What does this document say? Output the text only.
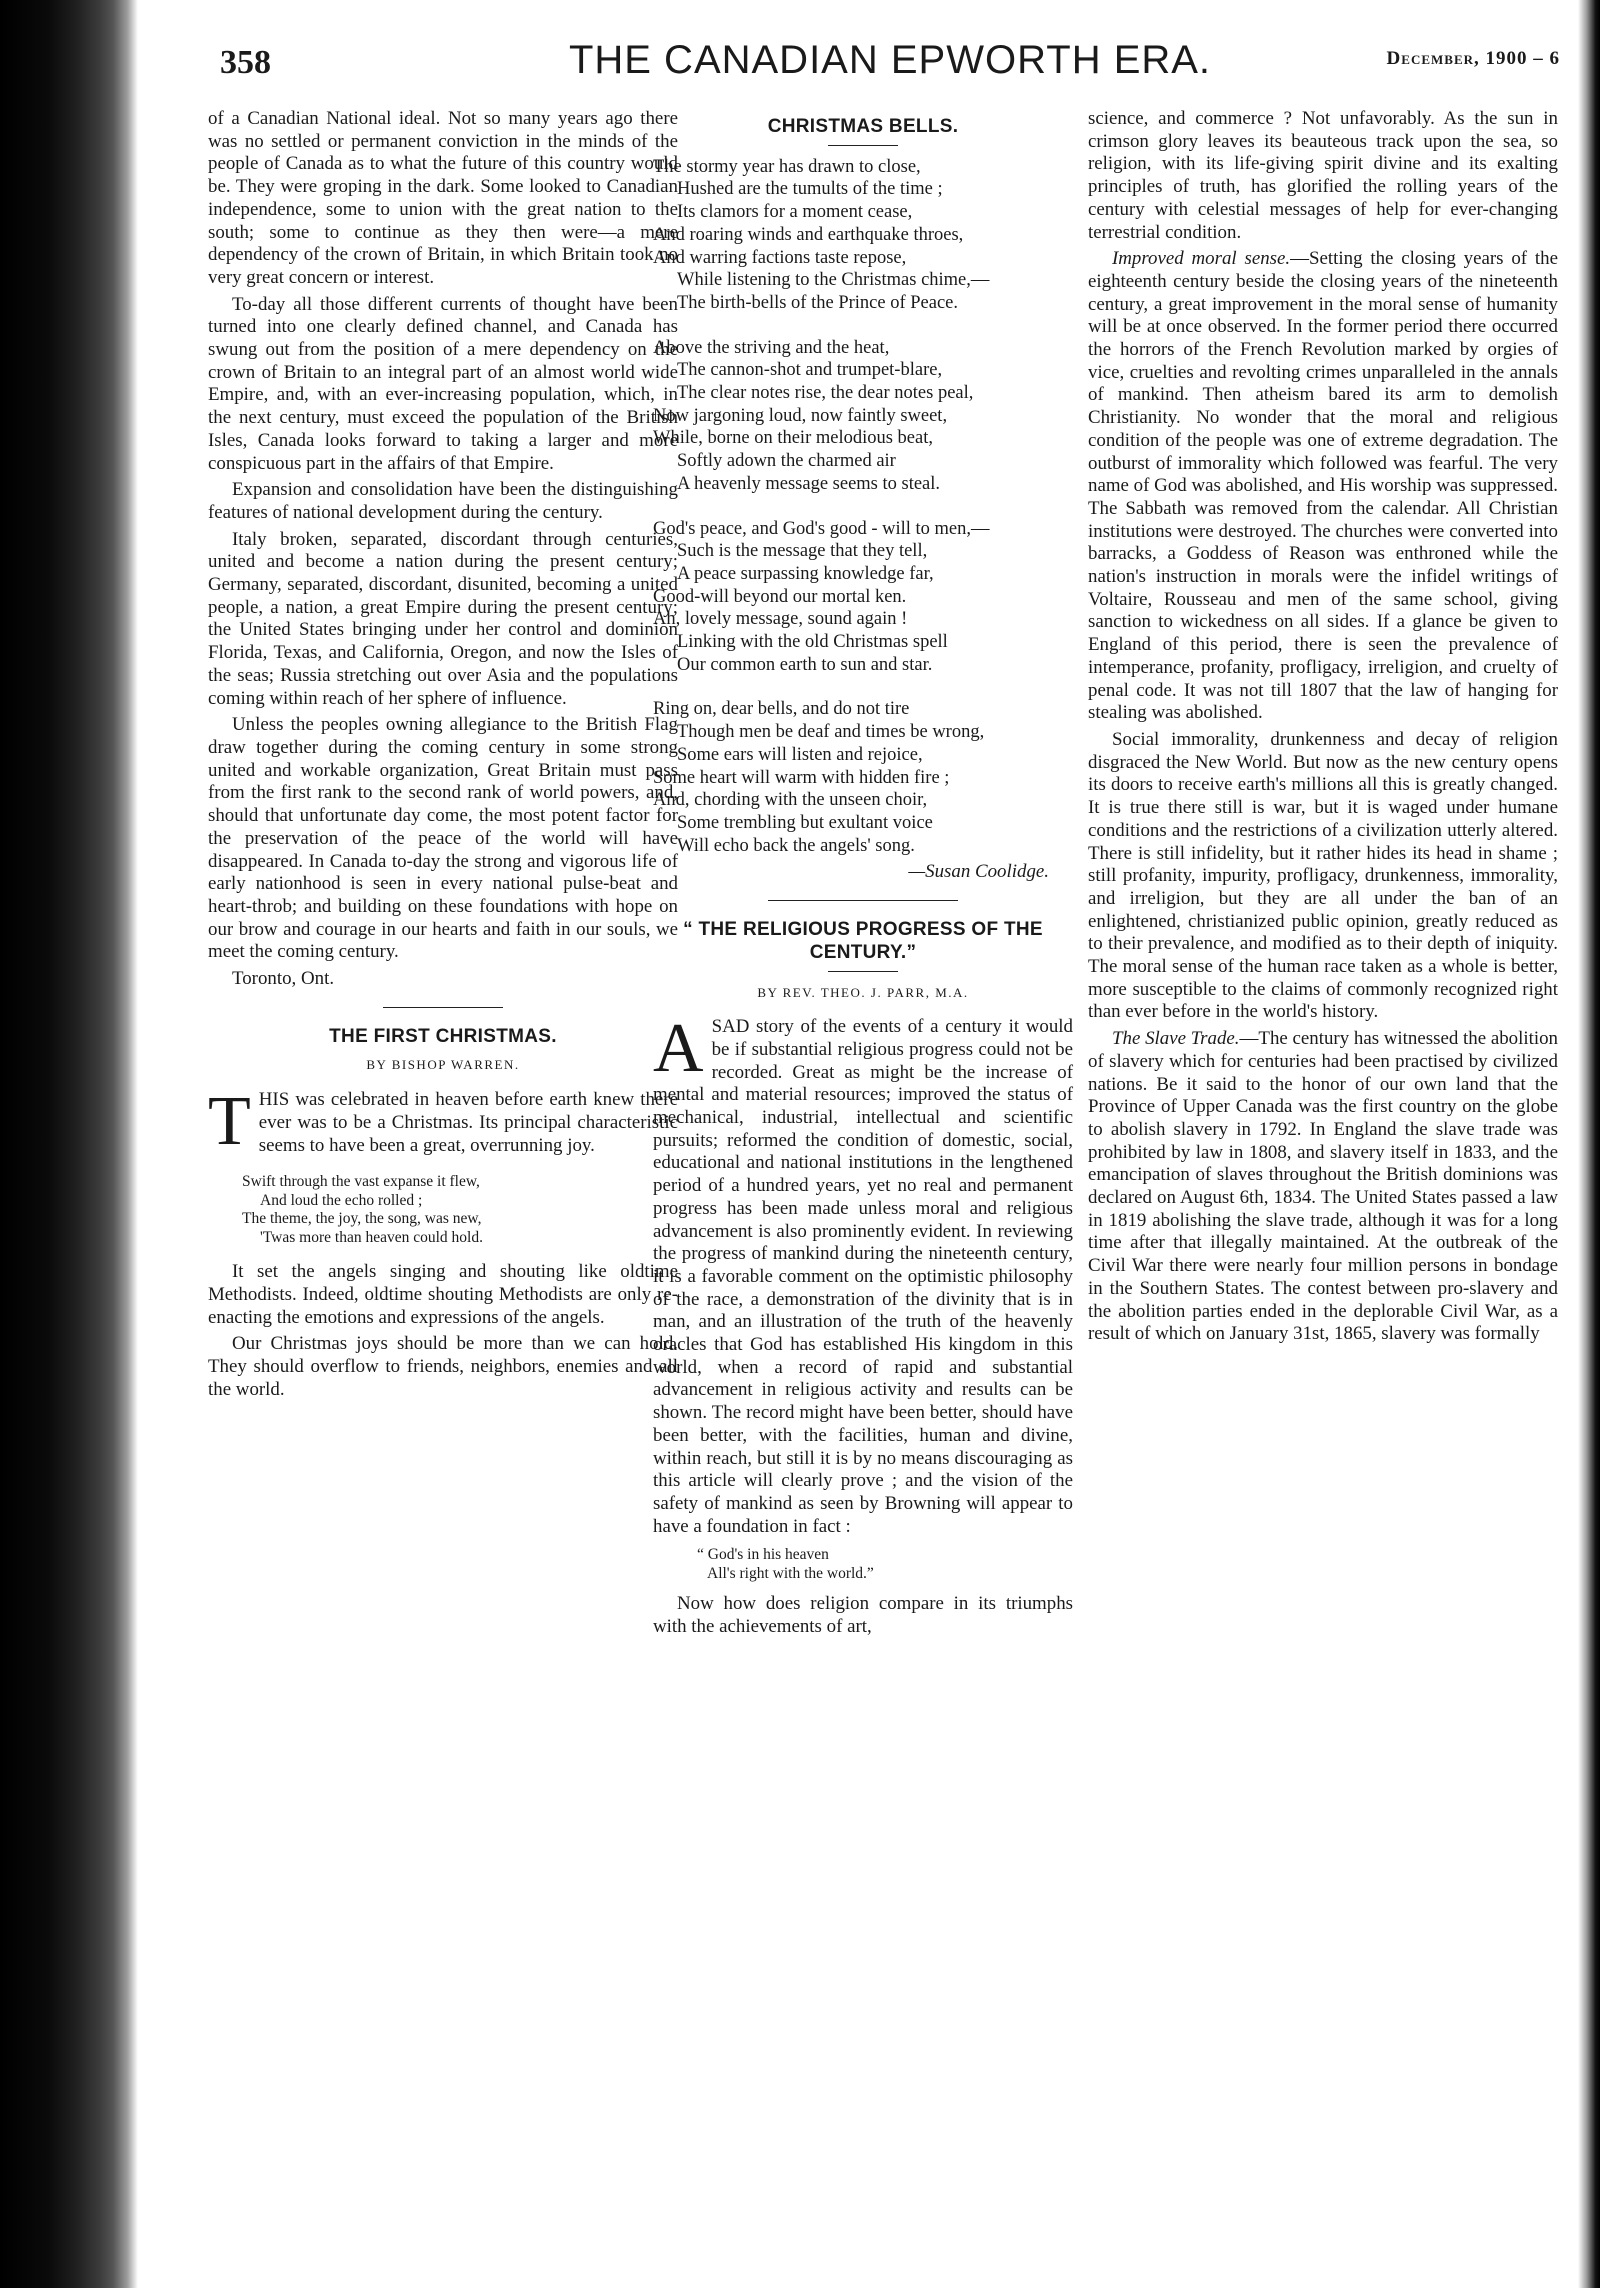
358	THE CANADIAN EPWORTH ERA.	December, 1900 – 6

of a Canadian National ideal. Not so many years ago there was no settled or permanent conviction in the minds of the people of Canada as to what the future of this country would be. They were groping in the dark. Some looked to Canadian independence, some to union with the great nation to the south; some to continue as they then were—a mere dependency of the crown of Britain, in which Britain took no very great concern or interest.

To-day all those different currents of thought have been turned into one clearly defined channel, and Canada has swung out from the position of a mere dependency on the crown of Britain to an integral part of an almost world wide Empire, and, with an ever-increasing population, which, in the next century, must exceed the population of the British Isles, Canada looks forward to taking a larger and more conspicuous part in the affairs of that Empire.

Expansion and consolidation have been the distinguishing features of national development during the century.

Italy broken, separated, discordant through centuries, united and become a nation during the present century; Germany, separated, discordant, disunited, becoming a united people, a nation, a great Empire during the present century; the United States bringing under her control and dominion Florida, Texas, and California, Oregon, and now the Isles of the seas; Russia stretching out over Asia and the populations coming within reach of her sphere of influence.

Unless the peoples owning allegiance to the British Flag draw together during the coming century in some strong united and workable organization, Great Britain must pass from the first rank to the second rank of world powers, and, should that unfortunate day come, the most potent factor for the preservation of the peace of the world will have disappeared. In Canada to-day the strong and vigorous life of early nationhood is seen in every national pulse-beat and heart-throb; and building on these foundations with hope on our brow and courage in our hearts and faith in our souls, we meet the coming century.

Toronto, Ont.

THE FIRST CHRISTMAS.
BY BISHOP WARREN.

THIS was celebrated in heaven before earth knew there ever was to be a Christmas. Its principal characteristic seems to have been a great, overrunning joy.

Swift through the vast expanse it flew,
And loud the echo rolled ;
The theme, the joy, the song, was new,
'Twas more than heaven could hold.

It set the angels singing and shouting like oldtime Methodists. Indeed, oldtime shouting Methodists are only re-enacting the emotions and expressions of the angels.

Our Christmas joys should be more than we can hold. They should overflow to friends, neighbors, enemies and all the world.

CHRISTMAS BELLS.
The stormy year has drawn to close,
Hushed are the tumults of the time ;
Its clamors for a moment cease,
And roaring winds and earthquake throes,
And warring factions taste repose,
While listening to the Christmas chime,—
The birth-bells of the Prince of Peace.
Above the striving and the heat,
The cannon-shot and trumpet-blare,
The clear notes rise, the dear notes peal,
Now jargoning loud, now faintly sweet,
While, borne on their melodious beat,
Softly adown the charmed air
A heavenly message seems to steal.
God's peace, and God's good - will to men,—
Such is the message that they tell,
A peace surpassing knowledge far,
Good-will beyond our mortal ken.
Ah, lovely message, sound again !
Linking with the old Christmas spell
Our common earth to sun and star.
Ring on, dear bells, and do not tire
Though men be deaf and times be wrong,
Some ears will listen and rejoice,
Some heart will warm with hidden fire ;
And, chording with the unseen choir,
Some trembling but exultant voice
Will echo back the angels' song.
—Susan Coolidge.
“ THE RELIGIOUS PROGRESS OF THE CENTURY.”
BY REV. THEO. J. PARR, M.A.

ASAD story of the events of a century it would be if substantial religious progress could not be recorded. Great as might be the increase of mental and material resources; improved the status of mechanical, industrial, intellectual and scientific pursuits; reformed the condition of domestic, social, educational and national institutions in the lengthened period of a hundred years, yet no real and permanent progress has been made unless moral and religious advancement is also prominently evident. In reviewing the progress of mankind during the nineteenth century, it is a favorable comment on the optimistic philosophy of the race, a demonstration of the divinity that is in man, and an illustration of the truth of the heavenly oracles that God has established His kingdom in this world, when a record of rapid and substantial advancement in religious activity and results can be shown. The record might have been better, should have been better, with the facilities, human and divine, within reach, but still it is by no means discouraging as this article will clearly prove ; and the vision of the safety of mankind as seen by Browning will appear to have a foundation in fact :

“ God's in his heaven
All's right with the world.”

Now how does religion compare in its triumphs with the achievements of art,

science, and commerce ? Not unfavorably. As the sun in crimson glory leaves its beauteous track upon the sea, so religion, with its life-giving spirit divine and its exalting principles of truth, has glorified the rolling years of the century with celestial messages of help for ever-changing terrestrial condition.

Improved moral sense.—Setting the closing years of the eighteenth century beside the closing years of the nineteenth century, a great improvement in the moral sense of humanity will be at once observed. In the former period there occurred the horrors of the French Revolution marked by orgies of vice, cruelties and revolting crimes unparalleled in the annals of mankind. Then atheism bared its arm to demolish Christianity. No wonder that the moral and religious condition of the people was one of extreme degradation. The outburst of immorality which followed was fearful. The very name of God was abolished, and His worship was suppressed. The Sabbath was removed from the calendar. All Christian institutions were destroyed. The churches were converted into barracks, a Goddess of Reason was enthroned while the nation's instruction in morals were the infidel writings of Voltaire, Rousseau and men of the same school, giving sanction to wickedness on all sides. If a glance be given to England of this period, there is seen the prevalence of intemperance, profanity, profligacy, irreligion, and cruelty of penal code. It was not till 1807 that the law of hanging for stealing was abolished.

Social immorality, drunkenness and decay of religion disgraced the New World. But now as the new century opens its doors to receive earth's millions all this is greatly changed. It is true there still is war, but it is waged under humane conditions and the restrictions of a civilization utterly altered. There is still infidelity, but it rather hides its head in shame ; still profanity, impurity, profligacy, drunkenness, immorality, and irreligion, but they are all under the ban of an enlightened, christianized public opinion, greatly reduced as to their prevalence, and modified as to their depth of iniquity. The moral sense of the human race taken as a whole is better, more susceptible to the claims of commonly recognized right than ever before in the world's history.

The Slave Trade.—The century has witnessed the abolition of slavery which for centuries had been practised by civilized nations. Be it said to the honor of our own land that the Province of Upper Canada was the first country on the globe to abolish slavery in 1792. In England the slave trade was prohibited by law in 1808, and slavery itself in 1833, and the emancipation of slaves throughout the British dominions was declared on August 6th, 1834. The United States passed a law in 1819 abolishing the slave trade, although it was for a long time after that illegally maintained. At the outbreak of the Civil War there were nearly four million persons in bondage in the Southern States. The contest between pro-slavery and the abolition parties ended in the deplorable Civil War, as a result of which on January 31st, 1865, slavery was formally
